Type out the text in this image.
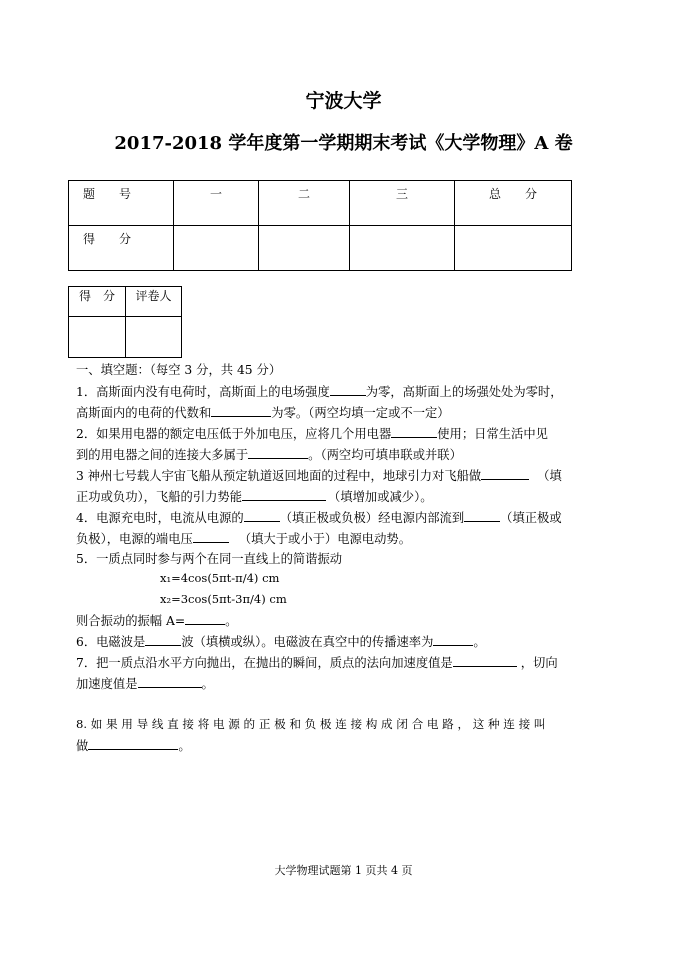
宁波大学
2017-2018 学年度第一学期期末考试《大学物理》A 卷
题　　号	一	二	三	总　　分
得　　分				
得　分	评卷人

一、填空题：（每空 3 分，共 45 分）
1．高斯面内没有电荷时，高斯面上的电场强度	为零，高斯面上的场强处处为零时，
高斯面内的电荷的代数和	为零。（两空均填一定或不一定）
2．如果用电器的额定电压低于外加电压，应将几个用电器	使用；日常生活中见
到的用电器之间的连接大多属于	。（两空均可填串联或并联）
3 神州七号载人宇宙飞船从预定轨道返回地面的过程中，地球引力对飞船做	（填
正功或负功），飞船的引力势能	（填增加或减少）。
4．电源充电时，电流从电源的	（填正极或负极）经电源内部流到	（填正极或
负极），电源的端电压	（填大于或小于）电源电动势。
5．一质点同时参与两个在同一直线上的简谐振动
x₁=4cos(5πt-π/4) cm
x₂=3cos(5πt-3π/4) cm
则合振动的振幅 A=	。
6．电磁波是	波（填横或纵）。电磁波在真空中的传播速率为	。
7．把一质点沿水平方向抛出，在抛出的瞬间，质点的法向加速度值是	，切向
加速度值是	。
8. 如 果 用 导 线 直 接 将 电 源 的 正 极 和 负 极 连 接 构 成 闭 合 电 路 ， 这 种 连 接 叫
做	。
大学物理试题第 1 页共 4 页
